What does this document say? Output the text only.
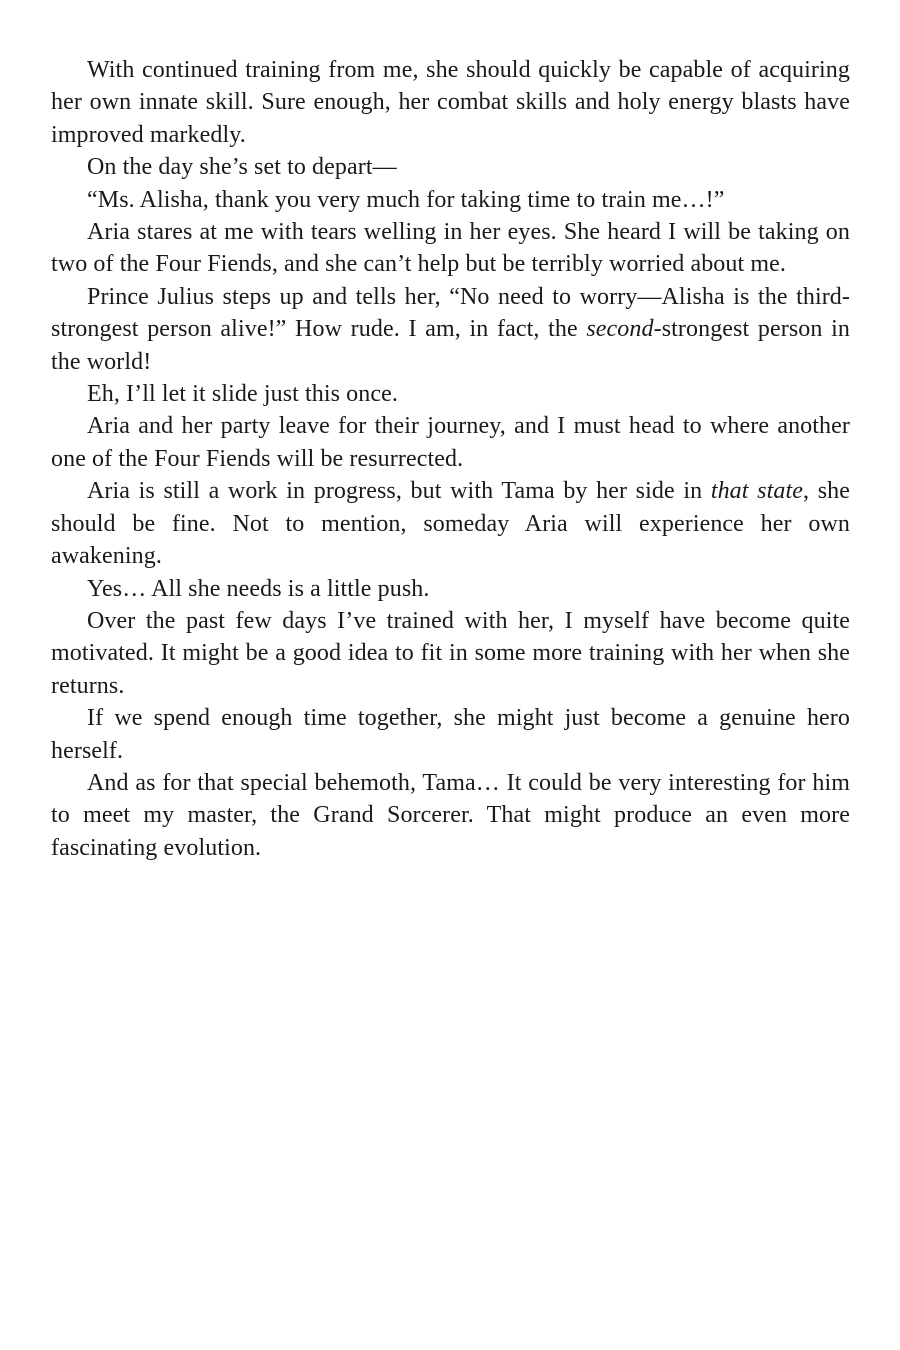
With continued training from me, she should quickly be capable of acquiring her own innate skill. Sure enough, her combat skills and holy energy blasts have improved markedly.

On the day she’s set to depart—

“Ms. Alisha, thank you very much for taking time to train me…!”

Aria stares at me with tears welling in her eyes. She heard I will be taking on two of the Four Fiends, and she can’t help but be terribly worried about me.

Prince Julius steps up and tells her, “No need to worry—Alisha is the third-strongest person alive!” How rude. I am, in fact, the second-strongest person in the world!

Eh, I’ll let it slide just this once.

Aria and her party leave for their journey, and I must head to where another one of the Four Fiends will be resurrected.

Aria is still a work in progress, but with Tama by her side in that state, she should be fine. Not to mention, someday Aria will experience her own awakening.

Yes… All she needs is a little push.

Over the past few days I’ve trained with her, I myself have become quite motivated. It might be a good idea to fit in some more training with her when she returns.

If we spend enough time together, she might just become a genuine hero herself.

And as for that special behemoth, Tama… It could be very interesting for him to meet my master, the Grand Sorcerer. That might produce an even more fascinating evolution.
